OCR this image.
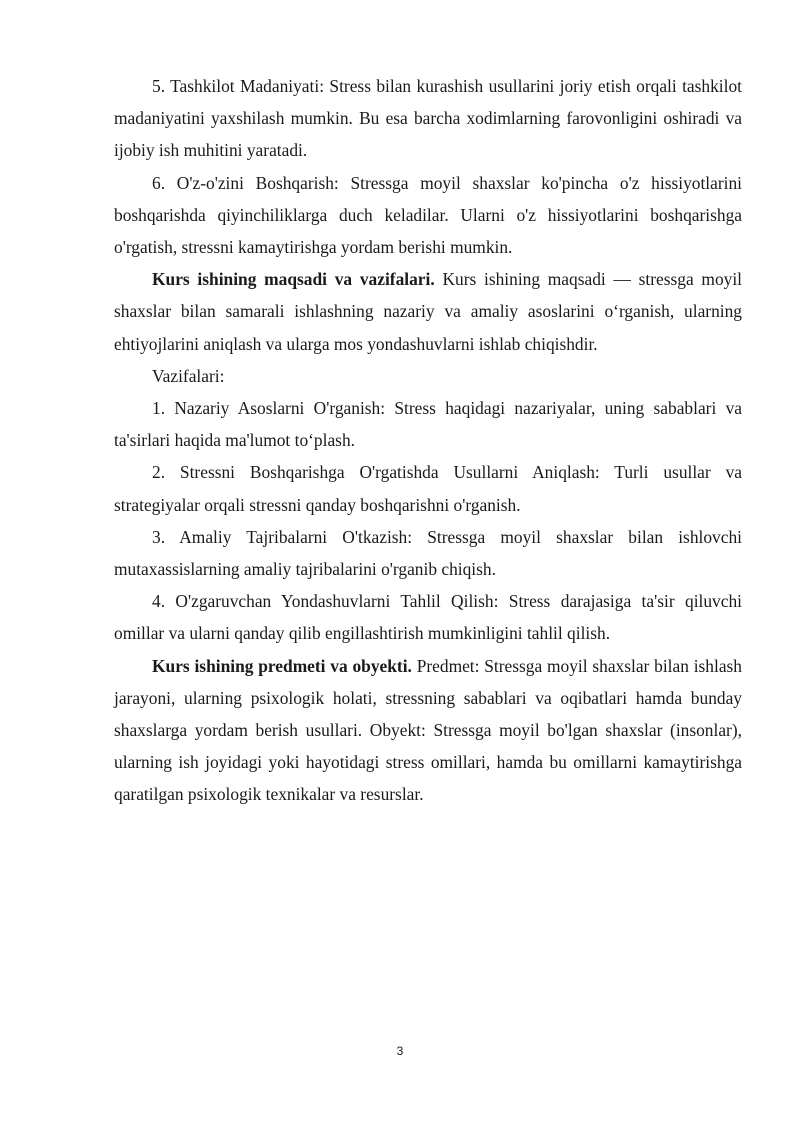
5. Tashkilot Madaniyati: Stress bilan kurashish usullarini joriy etish orqali tashkilot madaniyatini yaxshilash mumkin. Bu esa barcha xodimlarning farovonligini oshiradi va ijobiy ish muhitini yaratadi.

6. O'z-o'zini Boshqarish: Stressga moyil shaxslar ko'pincha o'z hissiyotlarini boshqarishda qiyinchiliklarga duch keladilar. Ularni o'z hissiyotlarini boshqarishga o'rgatish, stressni kamaytirishga yordam berishi mumkin.

Kurs ishining maqsadi va vazifalari. Kurs ishining maqsadi — stressga moyil shaxslar bilan samarali ishlashning nazariy va amaliy asoslarini o‘rganish, ularning ehtiyojlarini aniqlash va ularga mos yondashuvlarni ishlab chiqishdir.

Vazifalari:

1. Nazariy Asoslarni O'rganish: Stress haqidagi nazariyalar, uning sabablari va ta'sirlari haqida ma'lumot to‘plash.

2. Stressni Boshqarishga O'rgatishda Usullarni Aniqlash: Turli usullar va strategiyalar orqali stressni qanday boshqarishni o'rganish.

3. Amaliy Tajribalarni O'tkazish: Stressga moyil shaxslar bilan ishlovchi mutaxassislarning amaliy tajribalarini o'rganib chiqish.

4. O'zgaruvchan Yondashuvlarni Tahlil Qilish: Stress darajasiga ta'sir qiluvchi omillar va ularni qanday qilib engillashtirish mumkinligini tahlil qilish.

Kurs ishining predmeti va obyekti. Predmet: Stressga moyil shaxslar bilan ishlash jarayoni, ularning psixologik holati, stressning sabablari va oqibatlari hamda bunday shaxslarga yordam berish usullari. Obyekt: Stressga moyil bo'lgan shaxslar (insonlar), ularning ish joyidagi yoki hayotidagi stress omillari, hamda bu omillarni kamaytirishga qaratilgan psixologik texnikalar va resurslar.

3
